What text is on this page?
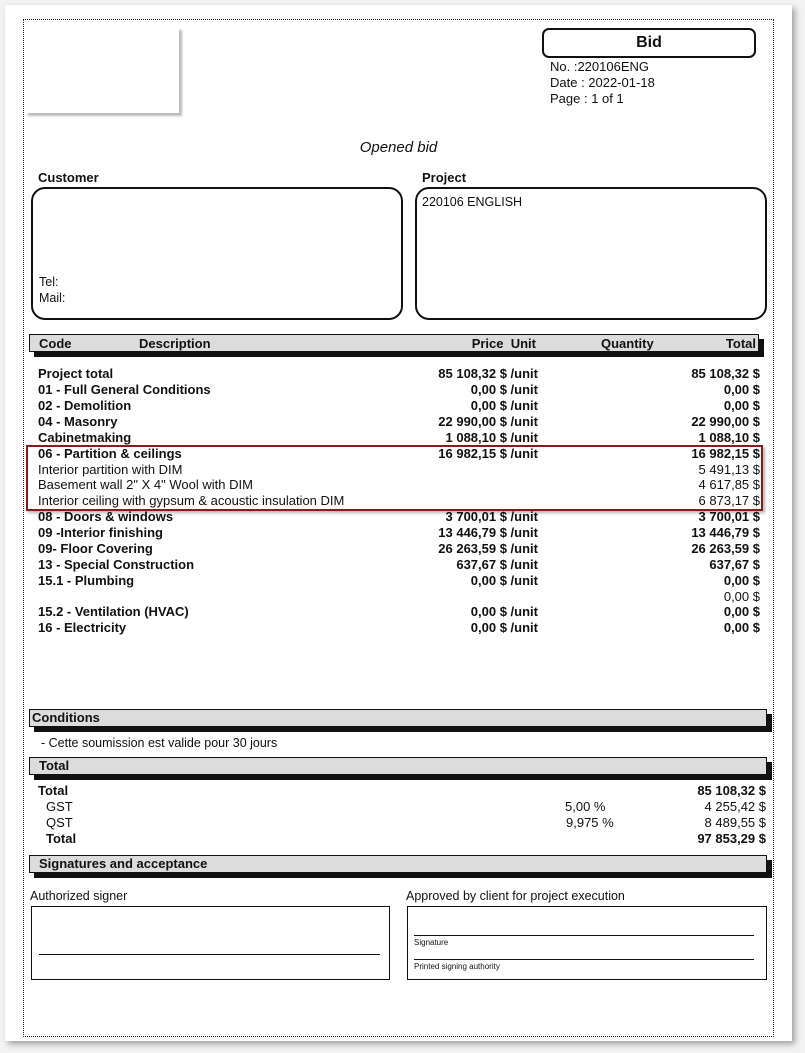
Bid
No. :220106ENG
Date : 2022-01-18
Page : 1 of 1
Opened bid
Customer
Tel:
Mail:
Project
220106 ENGLISH
Code	Description	Price  Unit	Quantity	Total
Project total	85 108,32 $ /unit	85 108,32 $
01 - Full General Conditions	0,00 $ /unit	0,00 $
02 - Demolition	0,00 $ /unit	0,00 $
04 - Masonry	22 990,00 $ /unit	22 990,00 $
Cabinetmaking	1 088,10 $ /unit	1 088,10 $
06 - Partition & ceilings	16 982,15 $ /unit	16 982,15 $
Interior partition with DIM	5 491,13 $
Basement wall 2" X 4" Wool with DIM	4 617,85 $
Interior ceiling with gypsum & acoustic insulation DIM	6 873,17 $
08 - Doors & windows	3 700,01 $ /unit	3 700,01 $
09 -Interior finishing	13 446,79 $ /unit	13 446,79 $
09- Floor Covering	26 263,59 $ /unit	26 263,59 $
13 - Special Construction	637,67 $ /unit	637,67 $
15.1 - Plumbing	0,00 $ /unit	0,00 $
0,00 $
15.2 - Ventilation (HVAC)	0,00 $ /unit	0,00 $
16 - Electricity	0,00 $ /unit	0,00 $
Conditions
- Cette soumission est valide pour 30 jours
Total
Total	85 108,32 $
GST	5,00 %	4 255,42 $
QST	9,975 %	8 489,55 $
Total	97 853,29 $
Signatures and acceptance
Authorized signer	Approved by client for project execution
Signature
Printed signing authority
